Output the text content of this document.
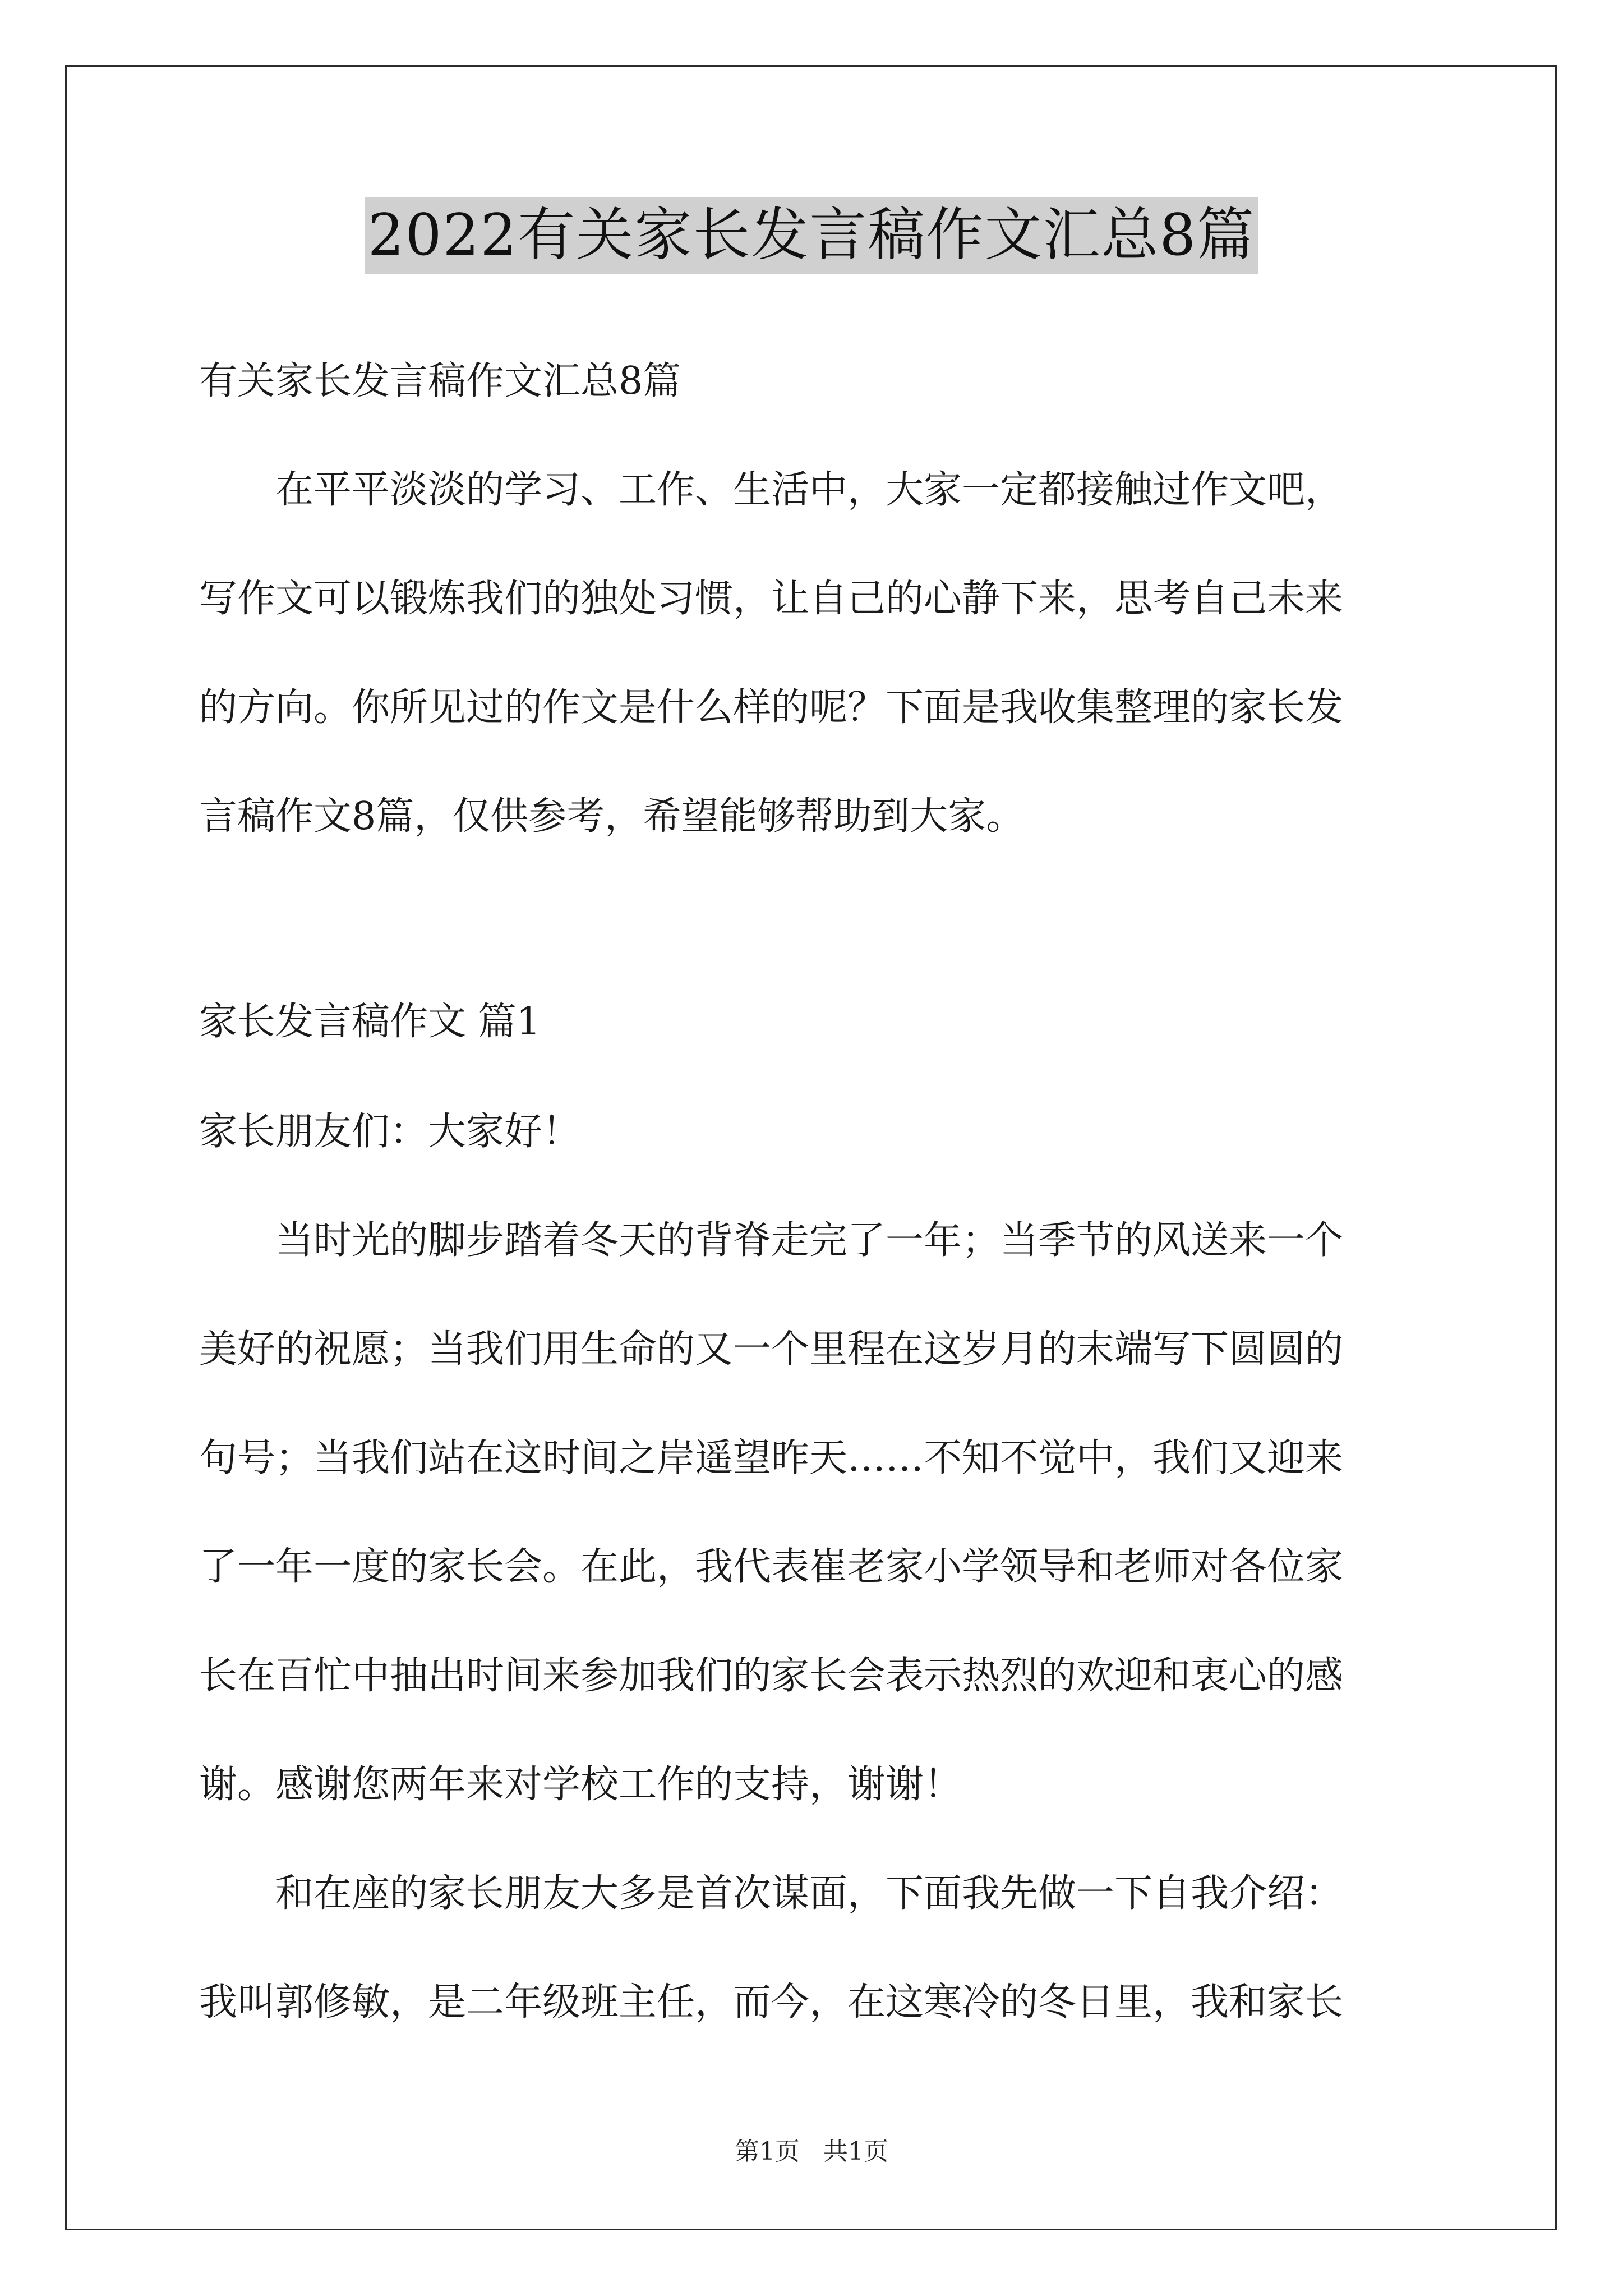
2022有关家长发言稿作文汇总8篇
有关家长发言稿作文汇总8篇
　　在平平淡淡的学习、工作、生活中，大家一定都接触过作文吧，
写作文可以锻炼我们的独处习惯，让自己的心静下来，思考自己未来
的方向。你所见过的作文是什么样的呢？下面是我收集整理的家长发
言稿作文8篇，仅供参考，希望能够帮助到大家。
家长发言稿作文 篇1
家长朋友们：大家好！
　　当时光的脚步踏着冬天的背脊走完了一年；当季节的风送来一个
美好的祝愿；当我们用生命的又一个里程在这岁月的末端写下圆圆的
句号；当我们站在这时间之岸遥望昨天……不知不觉中，我们又迎来
了一年一度的家长会。在此，我代表崔老家小学领导和老师对各位家
长在百忙中抽出时间来参加我们的家长会表示热烈的欢迎和衷心的感
谢。感谢您两年来对学校工作的支持，谢谢！
　　和在座的家长朋友大多是首次谋面，下面我先做一下自我介绍：
我叫郭修敏，是二年级班主任，而今，在这寒冷的冬日里，我和家长
第1页 共1页
